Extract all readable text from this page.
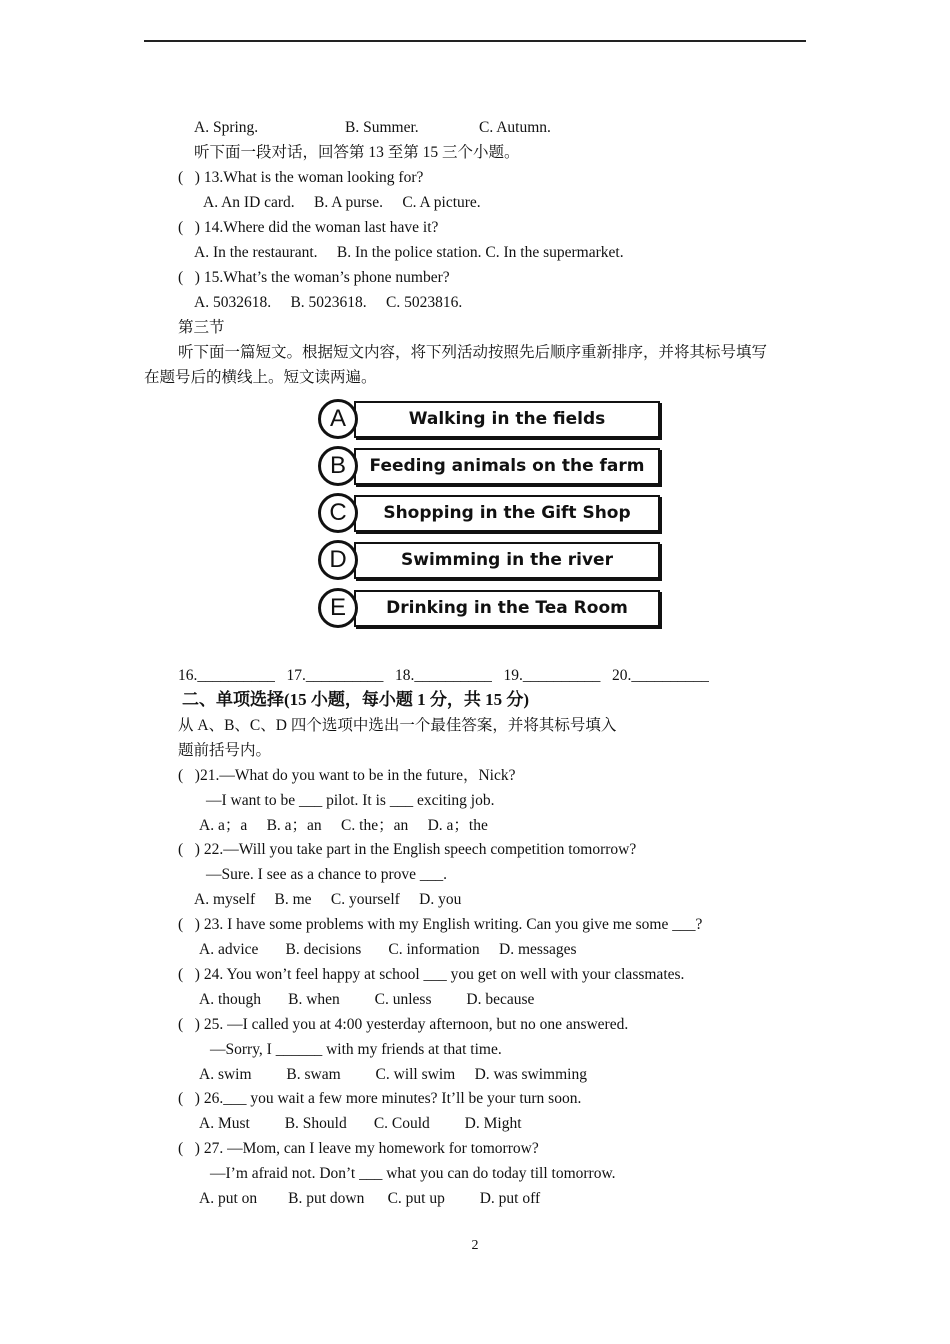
A. Spring.	B. Summer.	C. Autumn.
听下面一段对话，回答第 13 至第 15 三个小题。
(   ) 13.What is the woman looking for?
A. An ID card.     B. A purse.     C. A picture.
(   ) 14.Where did the woman last have it?
A. In the restaurant.     B. In the police station. C. In the supermarket.
(   ) 15.What’s the woman’s phone number?
A. 5032618.     B. 5023618.     C. 5023816.
第三节
听下面一篇短文。根据短文内容，将下列活动按照先后顺序重新排序，并将其标号填写
在题号后的横线上。短文读两遍。
A	Walking in the fields
B	Feeding animals on the farm
C	Shopping in the Gift Shop
D	Swimming in the river
E	Drinking in the Tea Room
16.__________   17.__________   18.__________   19.__________   20.__________
二、单项选择(15 小题，每小题 1 分，共 15 分)
从 A、B、C、D 四个选项中选出一个最佳答案，并将其标号填入
题前括号内。
(   )21.—What do you want to be in the future，Nick?
—I want to be ___ pilot. It is ___ exciting job.
A. a；a     B. a；an     C. the；an     D. a；the
(   ) 22.—Will you take part in the English speech competition tomorrow?
—Sure. I see as a chance to prove ___.
A. myself     B. me     C. yourself     D. you
(   ) 23. I have some problems with my English writing. Can you give me some ___?
A. advice       B. decisions       C. information     D. messages
(   ) 24. You won’t feel happy at school ___ you get on well with your classmates.
A. though       B. when         C. unless         D. because
(   ) 25. —I called you at 4:00 yesterday afternoon, but no one answered.
—Sorry, I ______ with my friends at that time.
A. swim         B. swam         C. will swim     D. was swimming
(   ) 26.___ you wait a few more minutes? It’ll be your turn soon.
A. Must         B. Should       C. Could         D. Might
(   ) 27. —Mom, can I leave my homework for tomorrow?
—I’m afraid not. Don’t ___ what you can do today till tomorrow.
A. put on        B. put down      C. put up         D. put off
2
